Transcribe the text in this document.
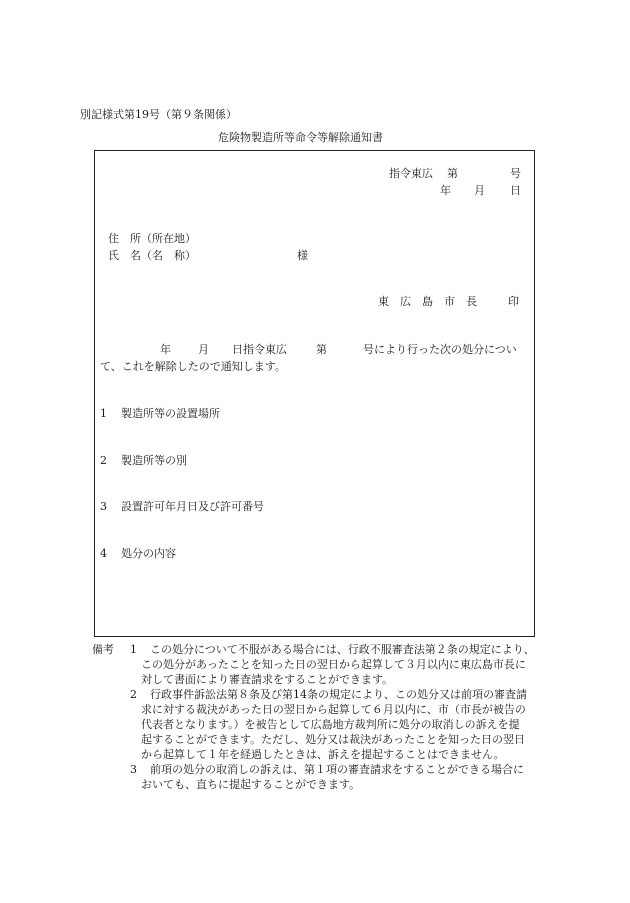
別記様式第19号（第９条関係）
危険物製造所等命令等解除通知書
指令東広 第	号
年 月 日
住　所（所在地）
氏　名（名　称）	様
東　広　島　市　長	印
年 月 日指令東広	第	号により行った次の処分につい
て、これを解除したので通知します。
1 製造所等の設置場所
2 製造所等の別
3 設置許可年月日及び許可番号
4 処分の内容
備考 1 この処分について不服がある場合には、行政不服審査法第２条の規定により、
この処分があったことを知った日の翌日から起算して３月以内に東広島市長に
対して書面により審査請求をすることができます。
2 行政事件訴訟法第８条及び第14条の規定により、この処分又は前項の審査請
求に対する裁決があった日の翌日から起算して６月以内に、市（市長が被告の
代表者となります。）を被告として広島地方裁判所に処分の取消しの訴えを提
起することができます。ただし、処分又は裁決があったことを知った日の翌日
から起算して１年を経過したときは、訴えを提起することはできません。
3 前項の処分の取消しの訴えは、第１項の審査請求をすることができる場合に
おいても、直ちに提起することができます。
